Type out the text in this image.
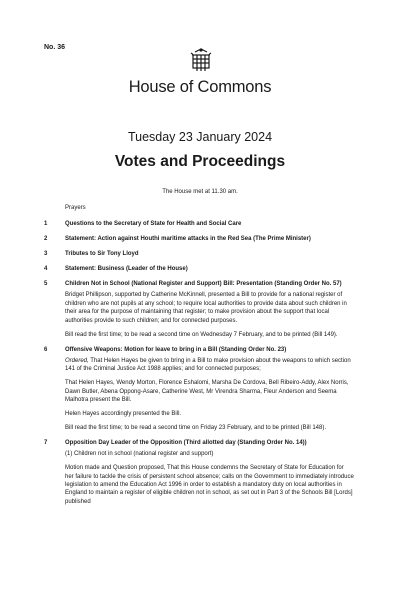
No. 36
House of Commons
Tuesday 23 January 2024
Votes and Proceedings
The House met at 11.30 am.
Prayers
1	Questions to the Secretary of State for Health and Social Care
2	Statement: Action against Houthi maritime attacks in the Red Sea (The Prime Minister)
3	Tributes to Sir Tony Lloyd
4	Statement: Business (Leader of the House)
5	Children Not in School (National Register and Support) Bill: Presentation (Standing Order No. 57)

Bridget Phillipson, supported by Catherine McKinnell, presented a Bill to provide for a national register of children who are not pupils at any school; to require local authorities to provide data about such children in their area for the purpose of maintaining that register; to make provision about the support that local authorities provide to such children; and for connected purposes.

Bill read the first time; to be read a second time on Wednesday 7 February, and to be printed (Bill 149).

6	Offensive Weapons: Motion for leave to bring in a Bill (Standing Order No. 23)

Ordered, That Helen Hayes be given to bring in a Bill to make provision about the weapons to which section 141 of the Criminal Justice Act 1988 applies; and for connected purposes;

That Helen Hayes, Wendy Morton, Florence Eshalomi, Marsha De Cordova, Bell Ribeiro-Addy, Alex Norris, Dawn Butler, Abena Oppong-Asare, Catherine West, Mr Virendra Sharma, Fleur Anderson and Seema Malhotra present the Bill.

Helen Hayes accordingly presented the Bill.

Bill read the first time; to be read a second time on Friday 23 February, and to be printed (Bill 148).

7	Opposition Day Leader of the Opposition (Third allotted day (Standing Order No. 14))

(1) Children not in school (national register and support)

Motion made and Question proposed, That this House condemns the Secretary of State for Education for her failure to tackle the crisis of persistent school absence; calls on the Government to immediately introduce legislation to amend the Education Act 1996 in order to establish a mandatory duty on local authorities in England to maintain a register of eligible children not in school, as set out in Part 3 of the Schools Bill [Lords] published
